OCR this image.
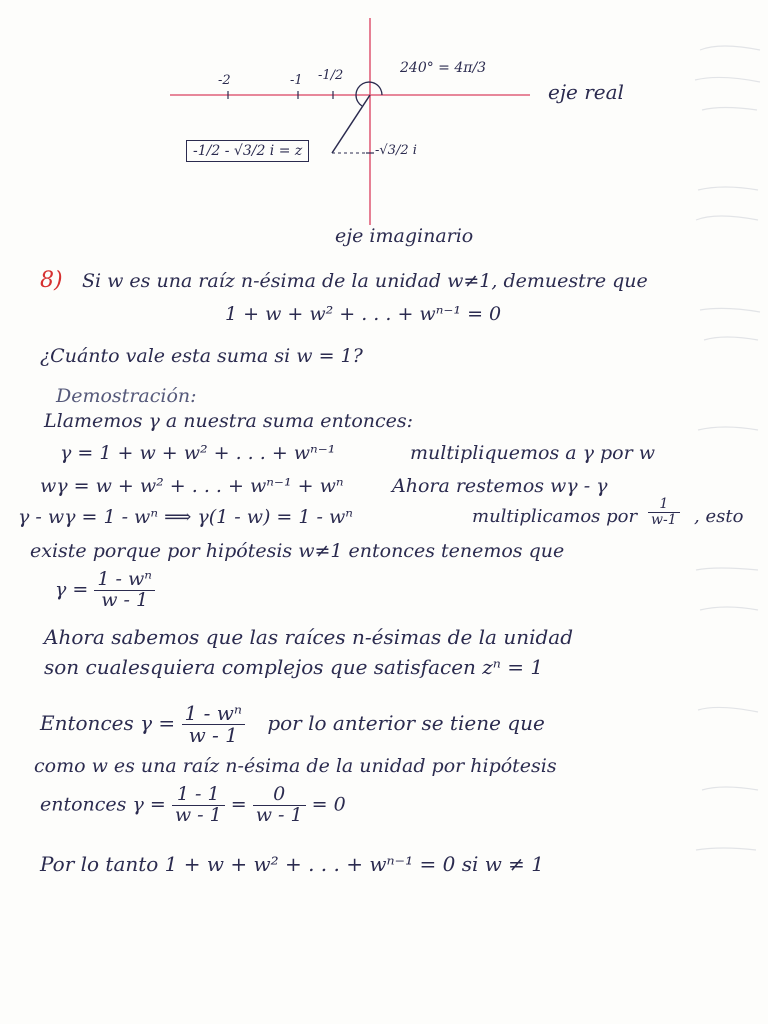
-2	-1 -1/2	240° = 4π/3
eje real
-√3/2 i
-1/2 - √3/2 i = z
eje imaginario
8) Si w es una raíz n-ésima de la unidad w≠1, demuestre que
1 + w + w² + . . . + wⁿ⁻¹ = 0
¿Cuánto vale esta suma si w = 1?
Demostración:
Llamemos γ a nuestra suma entonces:
γ = 1 + w + w² + . . . + wⁿ⁻¹	multipliquemos a γ por w
wγ = w + w² + . . . + wⁿ⁻¹ + wⁿ	Ahora restemos wγ - γ
γ - wγ = 1 - wⁿ ⟹ γ(1 - w) = 1 - wⁿ	multiplicamos por $\frac{1}{w-1}$ , esto
existe porque por hipótesis w≠1 entonces tenemos que
$\gamma = \frac{\text{1 - wⁿ}}{w - 1}$
Ahora sabemos que las raíces n-ésimas de la unidad
son cualesquiera complejos que satisfacen zⁿ = 1
Entonces $\gamma = \frac{\text{1 - wⁿ}}{w - 1}$ por lo anterior se tiene que
como w es una raíz n-ésima de la unidad por hipótesis
entonces $\gamma = \frac{1 - 1}{w - 1} = \frac{0}{w - 1} = 0$
Por lo tanto 1 + w + w² + . . . + wⁿ⁻¹ = 0 si w ≠ 1
